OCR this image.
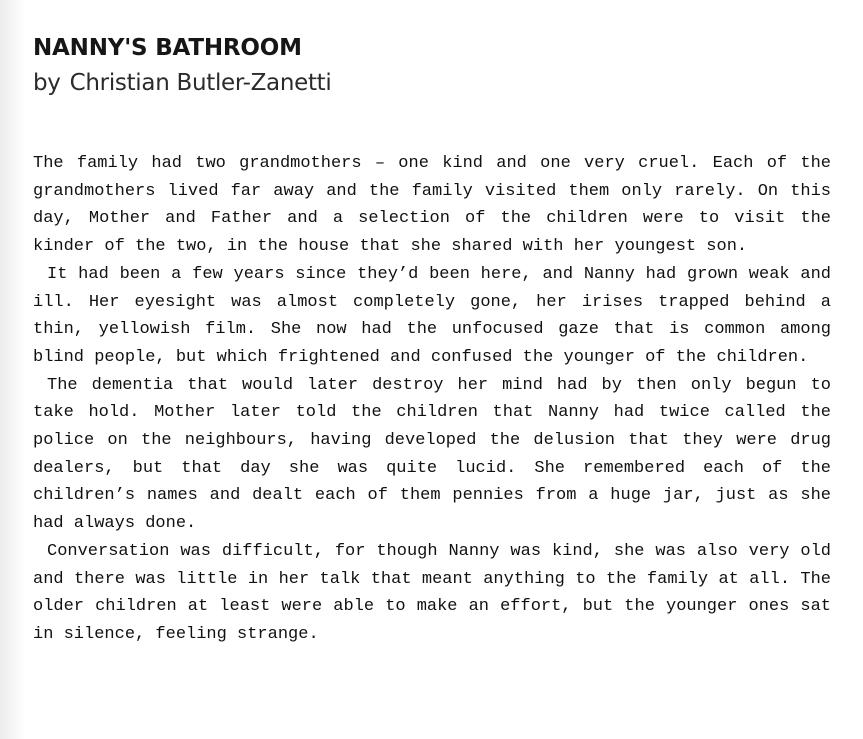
NANNY'S BATHROOM
by Christian Butler-Zanetti

The family had two grandmothers – one kind and one very cruel. Each of the grandmothers lived far away and the family visited them only rarely. On this day, Mother and Father and a selection of the children were to visit the kinder of the two, in the house that she shared with her youngest son.

It had been a few years since they’d been here, and Nanny had grown weak and ill. Her eyesight was almost completely gone, her irises trapped behind a thin, yellowish film. She now had the unfocused gaze that is common among blind people, but which frightened and confused the younger of the children.

The dementia that would later destroy her mind had by then only begun to take hold. Mother later told the children that Nanny had twice called the police on the neighbours, having developed the delusion that they were drug dealers, but that day she was quite lucid. She remembered each of the children’s names and dealt each of them pennies from a huge jar, just as she had always done.

Conversation was difficult, for though Nanny was kind, she was also very old and there was little in her talk that meant anything to the family at all. The older children at least were able to make an effort, but the younger ones sat in silence, feeling strange.
